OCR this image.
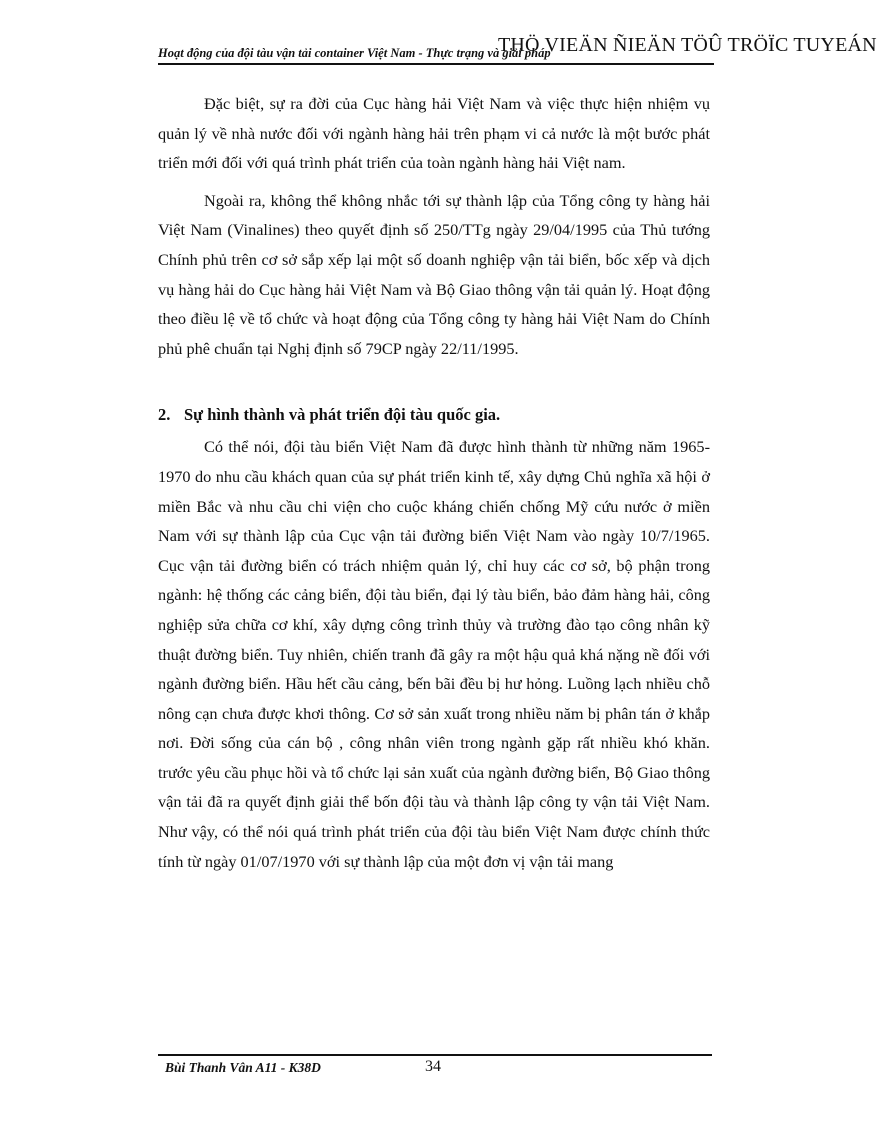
THÖ VIEÄN ÑIEÄN TÖÛ TRÖÏC TUYEÁN
Hoạt động của đội tàu vận tải container Việt Nam - Thực trạng và giải pháp

Đặc biệt, sự ra đời của Cục hàng hải Việt Nam và việc thực hiện nhiệm vụ quản lý về nhà nước đối với ngành hàng hải trên phạm vi cả nước là một bước phát triển mới đối với quá trình phát triển của toàn ngành hàng hải Việt nam.

Ngoài ra, không thể không nhắc tới sự thành lập của Tổng công ty hàng hải Việt Nam (Vinalines) theo quyết định số 250/TTg ngày 29/04/1995 của Thủ tướng Chính phủ trên cơ sở sắp xếp lại một số doanh nghiệp vận tải biển, bốc xếp và dịch vụ hàng hải do Cục hàng hải Việt Nam và Bộ Giao thông vận tải quản lý. Hoạt động theo điều lệ về tổ chức và hoạt động của Tổng công ty hàng hải Việt Nam do Chính phủ phê chuẩn tại Nghị định số 79CP ngày 22/11/1995.

2. Sự hình thành và phát triển đội tàu quốc gia.

Có thể nói, đội tàu biển Việt Nam đã được hình thành từ những năm 1965-1970 do nhu cầu khách quan của sự phát triển kinh tế, xây dựng Chủ nghĩa xã hội ở miền Bắc và nhu cầu chi viện cho cuộc kháng chiến chống Mỹ cứu nước ở miền Nam với sự thành lập của Cục vận tải đường biển Việt Nam vào ngày 10/7/1965. Cục vận tải đường biển có trách nhiệm quản lý, chỉ huy các cơ sở, bộ phận trong ngành: hệ thống các cảng biển, đội tàu biển, đại lý tàu biển, bảo đảm hàng hải, công nghiệp sửa chữa cơ khí, xây dựng công trình thủy và trường đào tạo công nhân kỹ thuật đường biển. Tuy nhiên, chiến tranh đã gây ra một hậu quả khá nặng nề đối với ngành đường biển. Hầu hết cầu cảng, bến bãi đều bị hư hỏng. Luồng lạch nhiều chỗ nông cạn chưa được khơi thông. Cơ sở sản xuất trong nhiều năm bị phân tán ở khắp nơi. Đời sống của cán bộ , công nhân viên trong ngành gặp rất nhiều khó khăn. trước yêu cầu phục hồi và tổ chức lại sản xuất của ngành đường biển, Bộ Giao thông vận tải đã ra quyết định giải thể bốn đội tàu và thành lập công ty vận tải Việt Nam. Như vậy, có thể nói quá trình phát triển của đội tàu biển Việt Nam được chính thức tính từ ngày 01/07/1970 với sự thành lập của một đơn vị vận tải mang

Bùi Thanh Vân A11 - K38D	34
